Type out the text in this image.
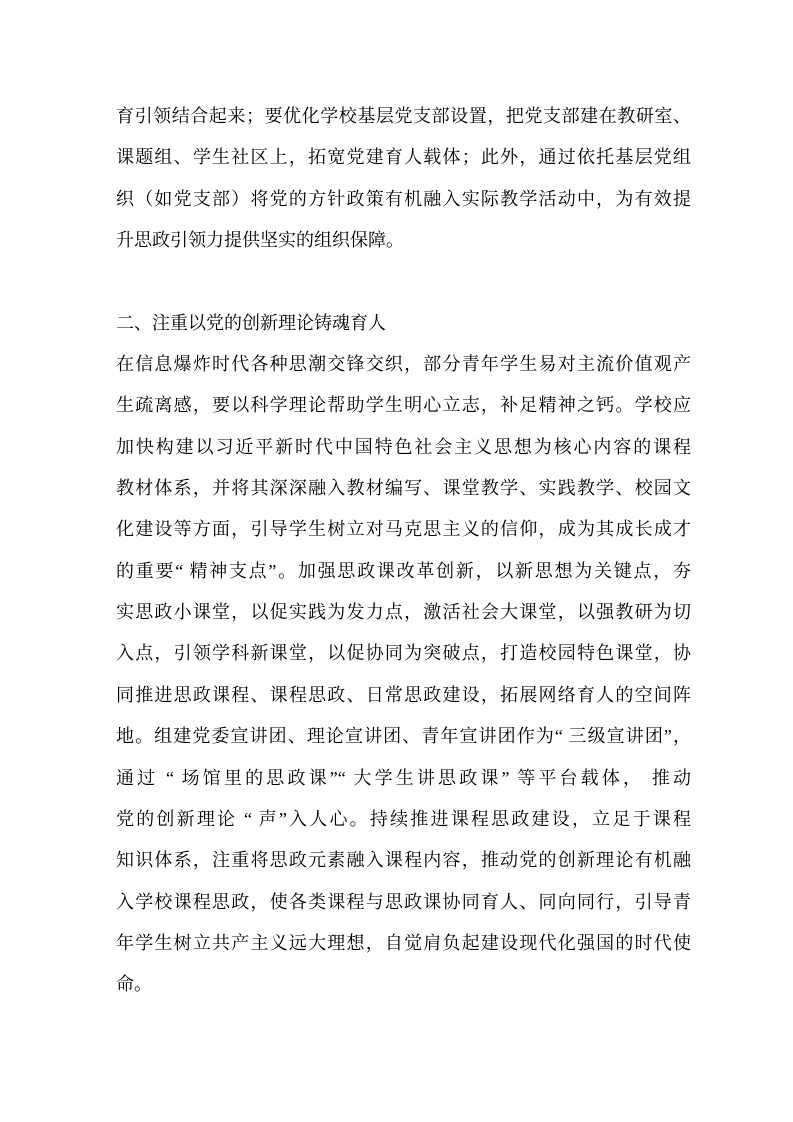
育引领结合起来；要优化学校基层党支部设置，把党支部建在教研室、
课题组、学生社区上，拓宽党建育人载体；此外，通过依托基层党组
织（如党支部）将党的方针政策有机融入实际教学活动中，为有效提
升思政引领力提供坚实的组织保障。
二、注重以党的创新理论铸魂育人
在信息爆炸时代各种思潮交锋交织，部分青年学生易对主流价值观产
生疏离感，要以科学理论帮助学生明心立志，补足精神之钙。学校应
加快构建以习近平新时代中国特色社会主义思想为核心内容的课程
教材体系，并将其深深融入教材编写、课堂教学、实践教学、校园文
化建设等方面，引导学生树立对马克思主义的信仰，成为其成长成才
的重要“ 精神支点”。加强思政课改革创新，以新思想为关键点，夯
实思政小课堂，以促实践为发力点，激活社会大课堂，以强教研为切
入点，引领学科新课堂，以促协同为突破点，打造校园特色课堂，协
同推进思政课程、课程思政、日常思政建设，拓展网络育人的空间阵
地。组建党委宣讲团、理论宣讲团、青年宣讲团作为“ 三级宣讲团”，
通过 “ 场馆里的思政课”“ 大学生讲思政课” 等平台载体， 推动
党的创新理论 “ 声”入人心。持续推进课程思政建设，立足于课程
知识体系，注重将思政元素融入课程内容，推动党的创新理论有机融
入学校课程思政，使各类课程与思政课协同育人、同向同行，引导青
年学生树立共产主义远大理想，自觉肩负起建设现代化强国的时代使
命。
